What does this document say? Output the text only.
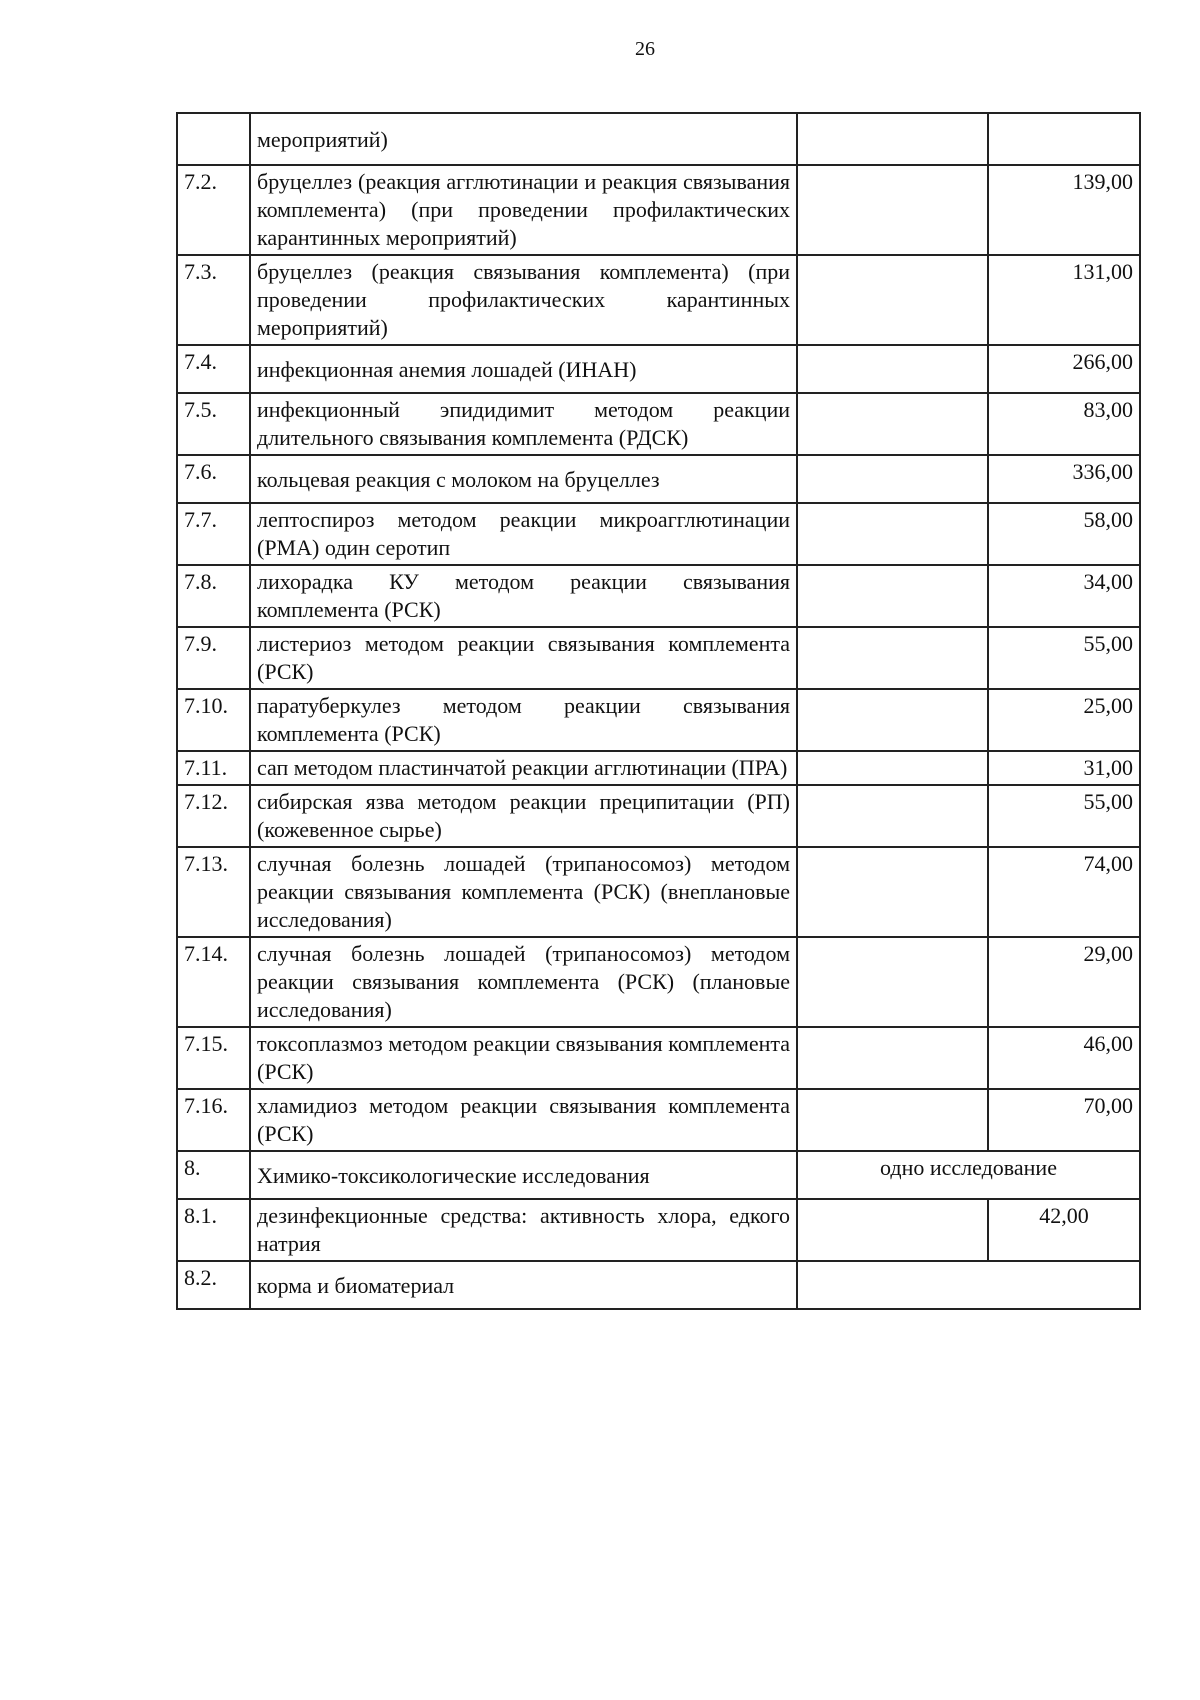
26
	мероприятий)		
7.2.	бруцеллез (реакция агглютинации и реакция связывания комплемента) (при проведении профилактических карантинных мероприятий)		139,00
7.3.	бруцеллез (реакция связывания комплемента) (при проведении профилактических карантинных мероприятий)		131,00
7.4.	инфекционная анемия лошадей (ИНАН)		266,00
7.5.	инфекционный эпидидимит методом реакции длительного связывания комплемента (РДСК)		83,00
7.6.	кольцевая реакция с молоком на бруцеллез		336,00
7.7.	лептоспироз методом реакции микроагглютинации (РМА) один серотип		58,00
7.8.	лихорадка КУ методом реакции связывания комплемента (РСК)		34,00
7.9.	листериоз методом реакции связывания комплемента (РСК)		55,00
7.10.	паратуберкулез методом реакции связывания комплемента (РСК)		25,00
7.11.	сап методом пластинчатой реакции агглютинации (ПРА)		31,00
7.12.	сибирская язва методом реакции преципитации (РП) (кожевенное сырье)		55,00
7.13.	случная болезнь лошадей (трипаносомоз) методом реакции связывания комплемента (РСК) (внеплановые исследования)		74,00
7.14.	случная болезнь лошадей (трипаносомоз) методом реакции связывания комплемента (РСК) (плановые исследования)		29,00
7.15.	токсоплазмоз методом реакции связывания комплемента (РСК)		46,00
7.16.	хламидиоз методом реакции связывания комплемента (РСК)		70,00
8.	Химико-токсикологические исследования	одно исследование	
8.1.	дезинфекционные средства: активность хлора, едкого натрия		42,00
8.2.	корма и биоматериал		
